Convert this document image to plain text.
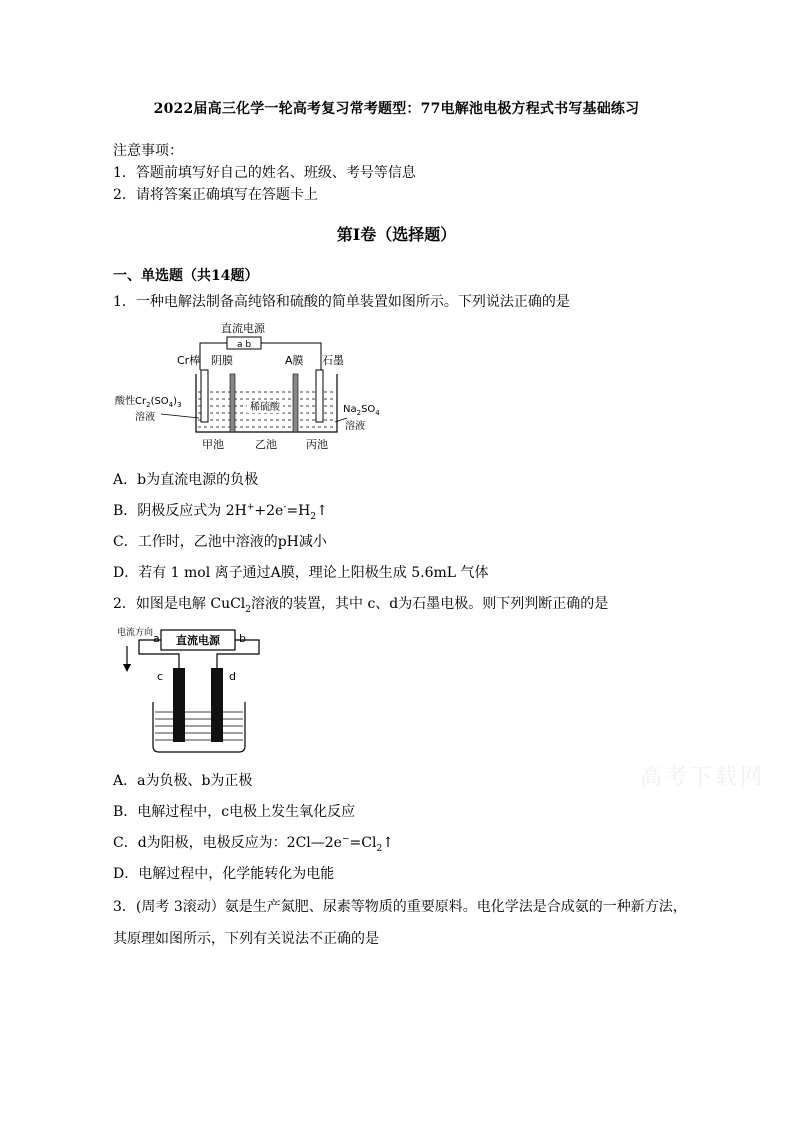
2022届高三化学一轮高考复习常考题型：77电解池电极方程式书写基础练习
注意事项：
1．答题前填写好自己的姓名、班级、考号等信息
2．请将答案正确填写在答题卡上
第I卷（选择题）
一、单选题（共14题）
1．一种电解法制备高纯铬和硫酸的简单装置如图所示。下列说法正确的是
直流电源
a b
Cr棒 阴膜	A膜 石墨
稀硫酸
酸性$Cr_2(SO_4)_3$
溶液
$Na_2SO_4$
溶液
甲池	乙池	丙池
A．b为直流电源的负极
B．阴极反应式为 $2H^++2e^-=H_2↑$
C．工作时，乙池中溶液的pH减小
D．若有 1 mol 离子通过A膜，理论上阳极生成 5.6mL 气体
2．如图是电解 CuCl$_2$溶液的装置，其中 c、d为石墨电极。则下列判断正确的是
电流方向
直流电源
a	b
c	d
A．a为负极、b为正极
B．电解过程中，c电极上发生氧化反应
C．d为阳极，电极反应为：$2Cl—2e^-=Cl_2↑$
D．电解过程中，化学能转化为电能
3．(周考 3滚动）氨是生产氮肥、尿素等物质的重要原料。电化学法是合成氨的一种新方法，
其原理如图所示，下列有关说法不正确的是
高考下载网
